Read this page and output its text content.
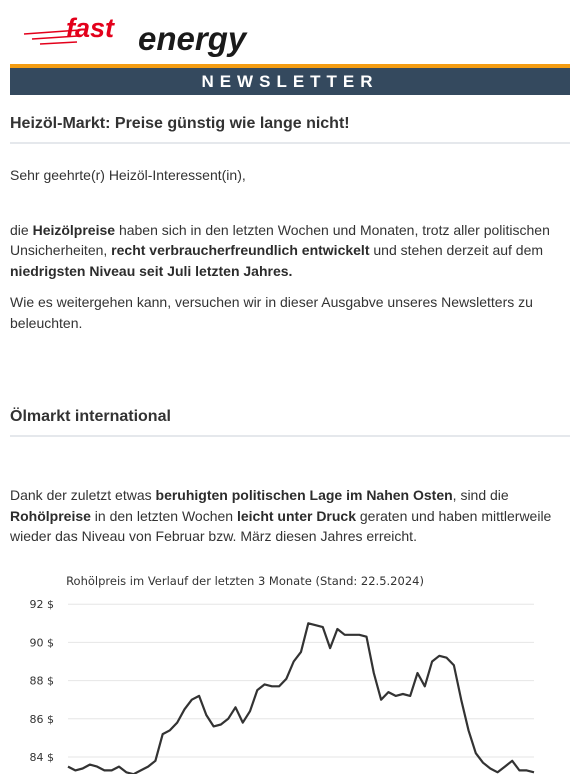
fast energy
NEWSLETTER
Heizöl-Markt: Preise günstig wie lange nicht!

Sehr geehrte(r) Heizöl-Interessent(in),

die Heizölpreise haben sich in den letzten Wochen und Monaten, trotz aller politischen Unsicherheiten, recht verbraucherfreundlich entwickelt und stehen derzeit auf dem niedrigsten Niveau seit Juli letzten Jahres.

Wie es weitergehen kann, versuchen wir in dieser Ausgabve unseres Newsletters zu beleuchten.

Ölmarkt international

Dank der zuletzt etwas beruhigten politischen Lage im Nahen Osten, sind die Rohölpreise in den letzten Wochen leicht unter Druck geraten und haben mittlerweile wieder das Niveau von Februar bzw. März diesen Jahres erreicht.

Rohölpreis im Verlauf der letzten 3 Monate (Stand: 22.5.2024)
84 $
86 $
88 $
90 $
92 $
